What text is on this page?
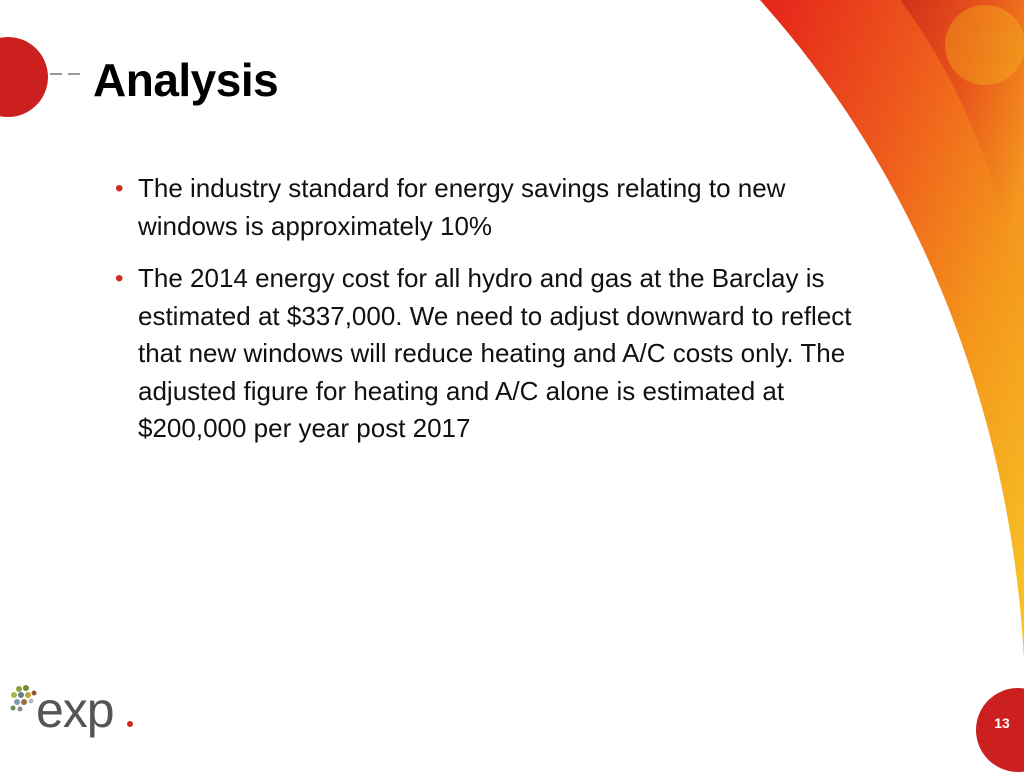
Analysis
• The industry standard for energy savings relating to new windows is approximately 10%
• The 2014 energy cost for all hydro and gas at the Barclay is estimated at $337,000. We need to adjust downward to reflect that new windows will reduce heating and A/C costs only. The adjusted figure for heating and A/C alone is estimated at $200,000 per year post 2017
exp	13
